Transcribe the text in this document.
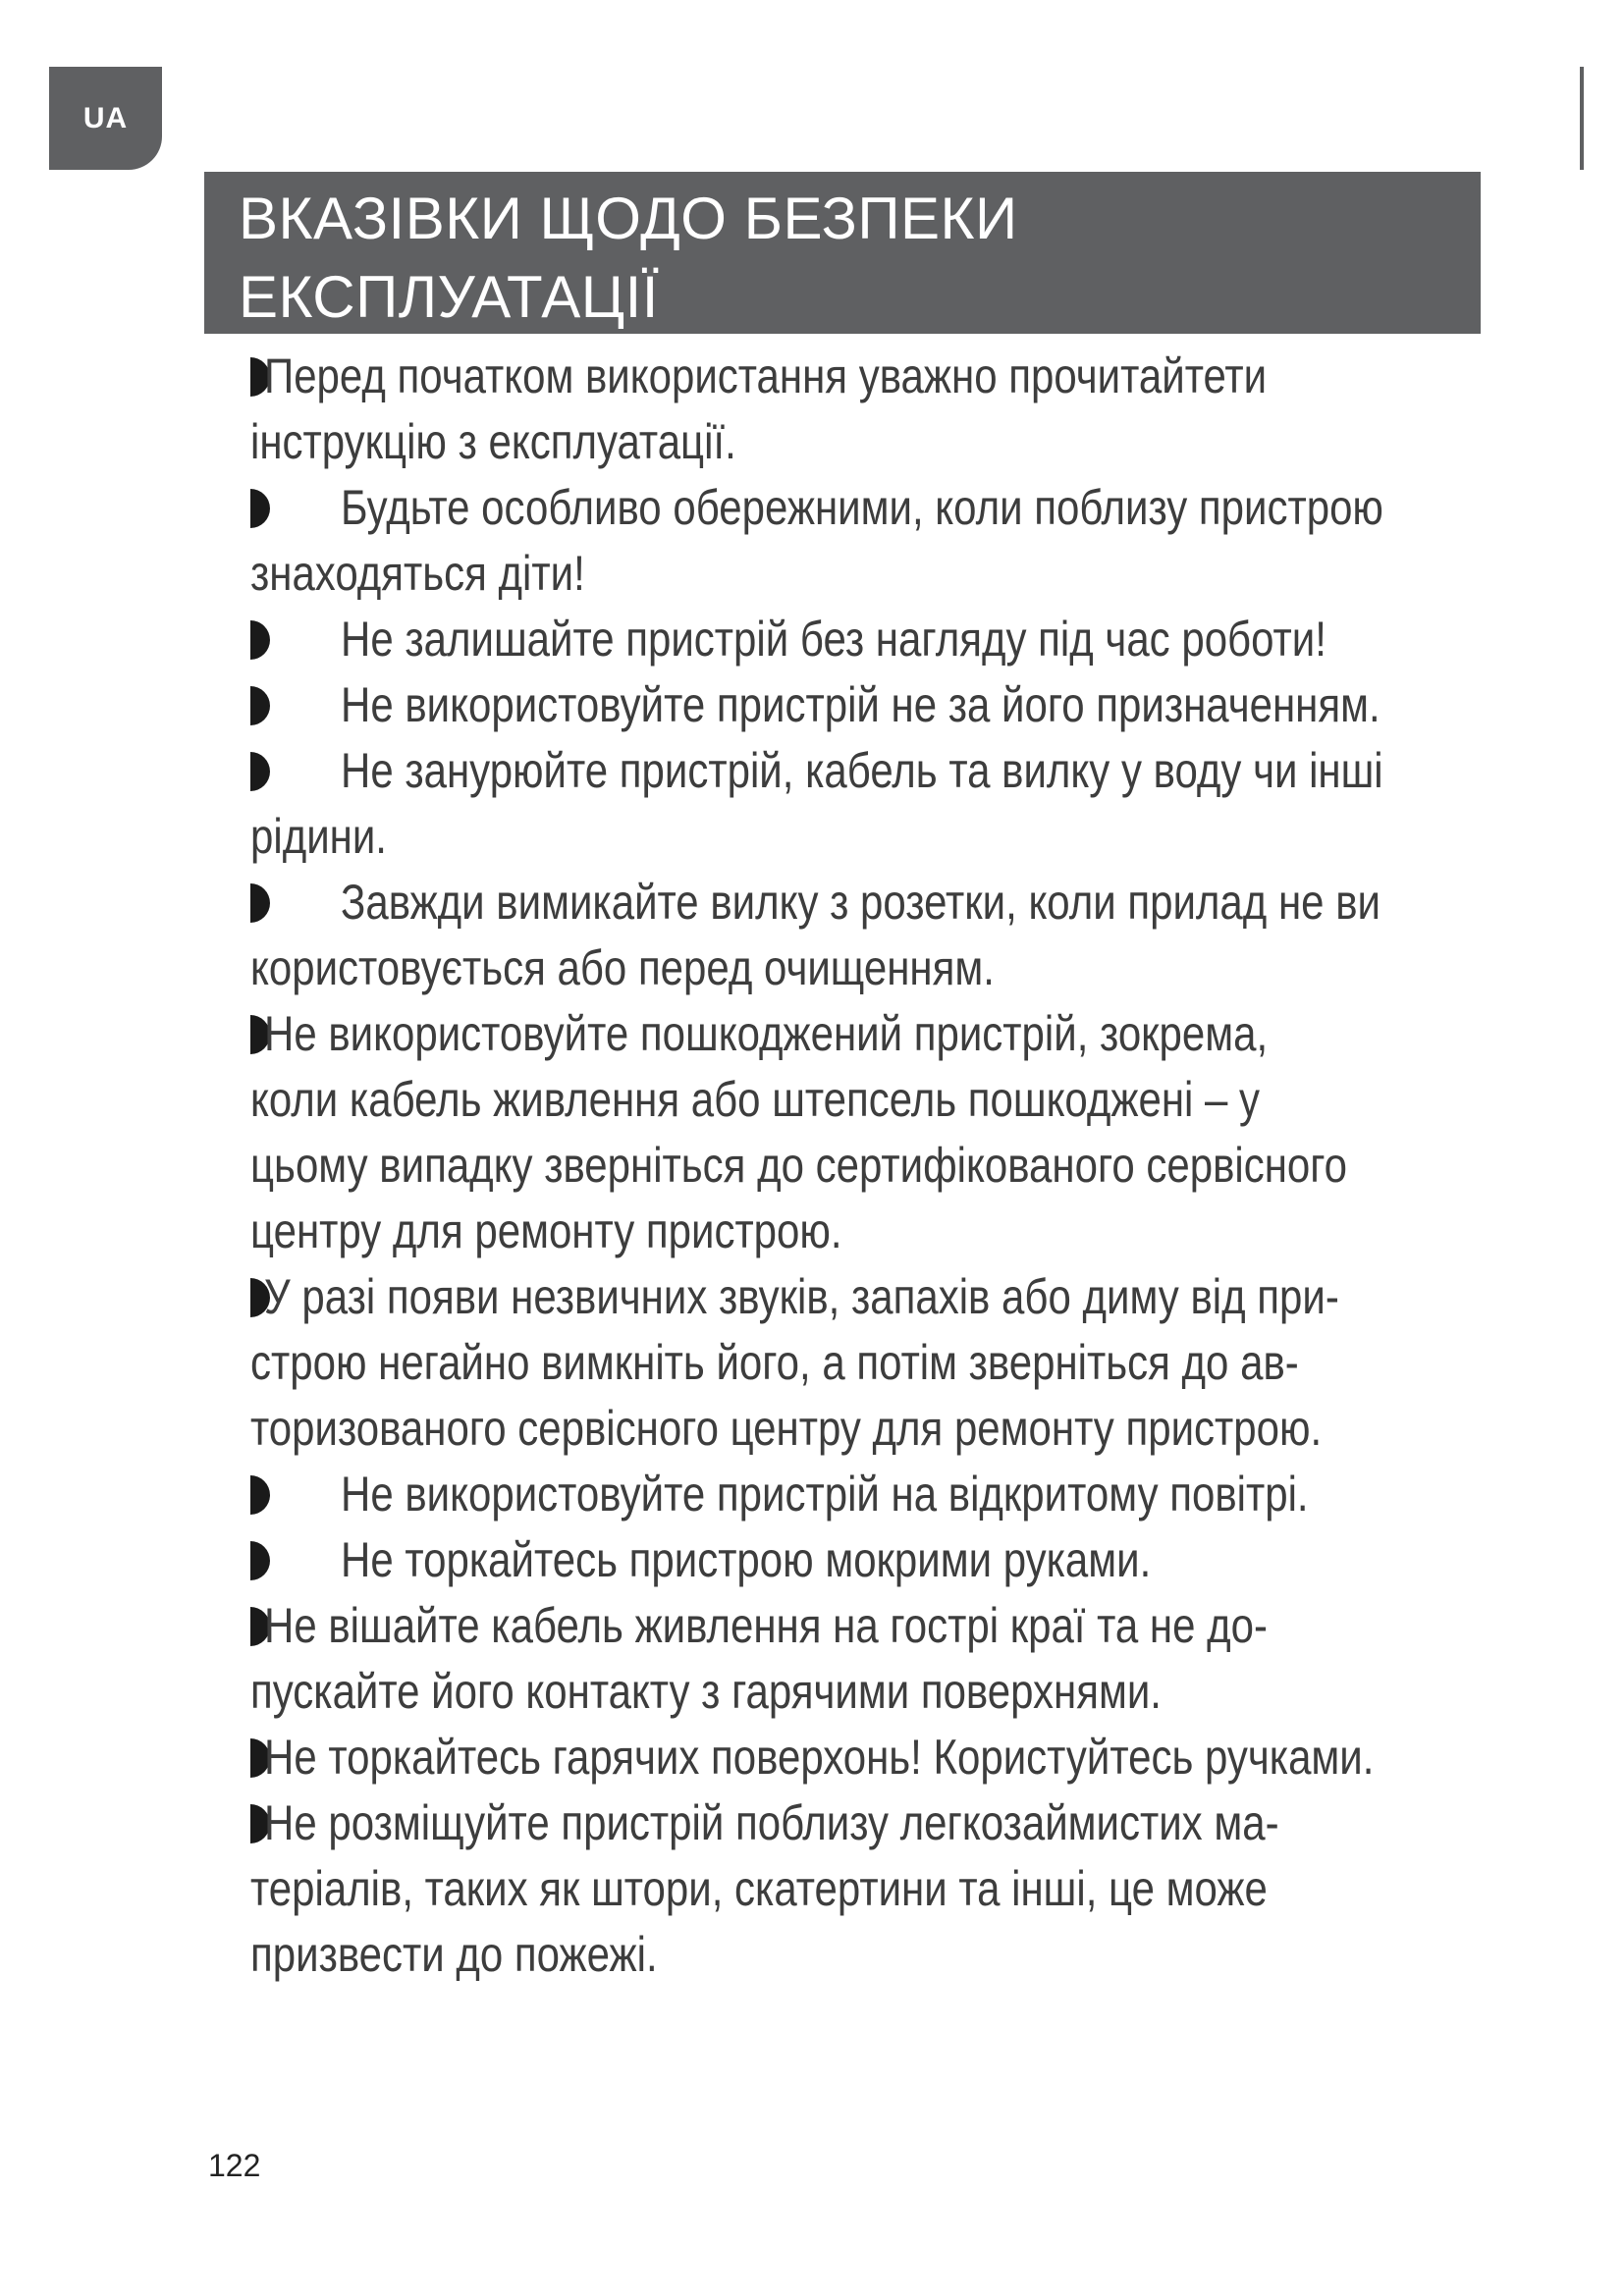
UA
ВКАЗІВКИ ЩОДО БЕЗПЕКИ
ЕКСПЛУАТАЦІЇ
Перед початком використання уважно прочитайтети
інструкцію з експлуатації.
Будьте особливо обережними, коли поблизу пристрою
знаходяться діти!
Не залишайте пристрій без нагляду під час роботи!
Не використовуйте пристрій не за його призначенням.
Не занурюйте пристрій, кабель та вилку у воду чи інші
рідини.
Завжди вимикайте вилку з розетки, коли прилад не ви
користовується або перед очищенням.
Не використовуйте пошкоджений пристрій, зокрема,
коли кабель живлення або штепсель пошкоджені – у
цьому випадку зверніться до сертифікованого сервісного
центру для ремонту пристрою.
У разі появи незвичних звуків, запахів або диму від при-
строю негайно вимкніть його, а потім зверніться до ав-
торизованого сервісного центру для ремонту пристрою.
Не використовуйте пристрій на відкритому повітрі.
Не торкайтесь пристрою мокрими руками.
Не вішайте кабель живлення на гострі краї та не до-
пускайте його контакту з гарячими поверхнями.
Не торкайтесь гарячих поверхонь! Користуйтесь ручками.
Не розміщуйте пристрій поблизу легкозаймистих ма-
теріалів, таких як штори, скатертини та інші, це може
призвести до пожежі.
122
